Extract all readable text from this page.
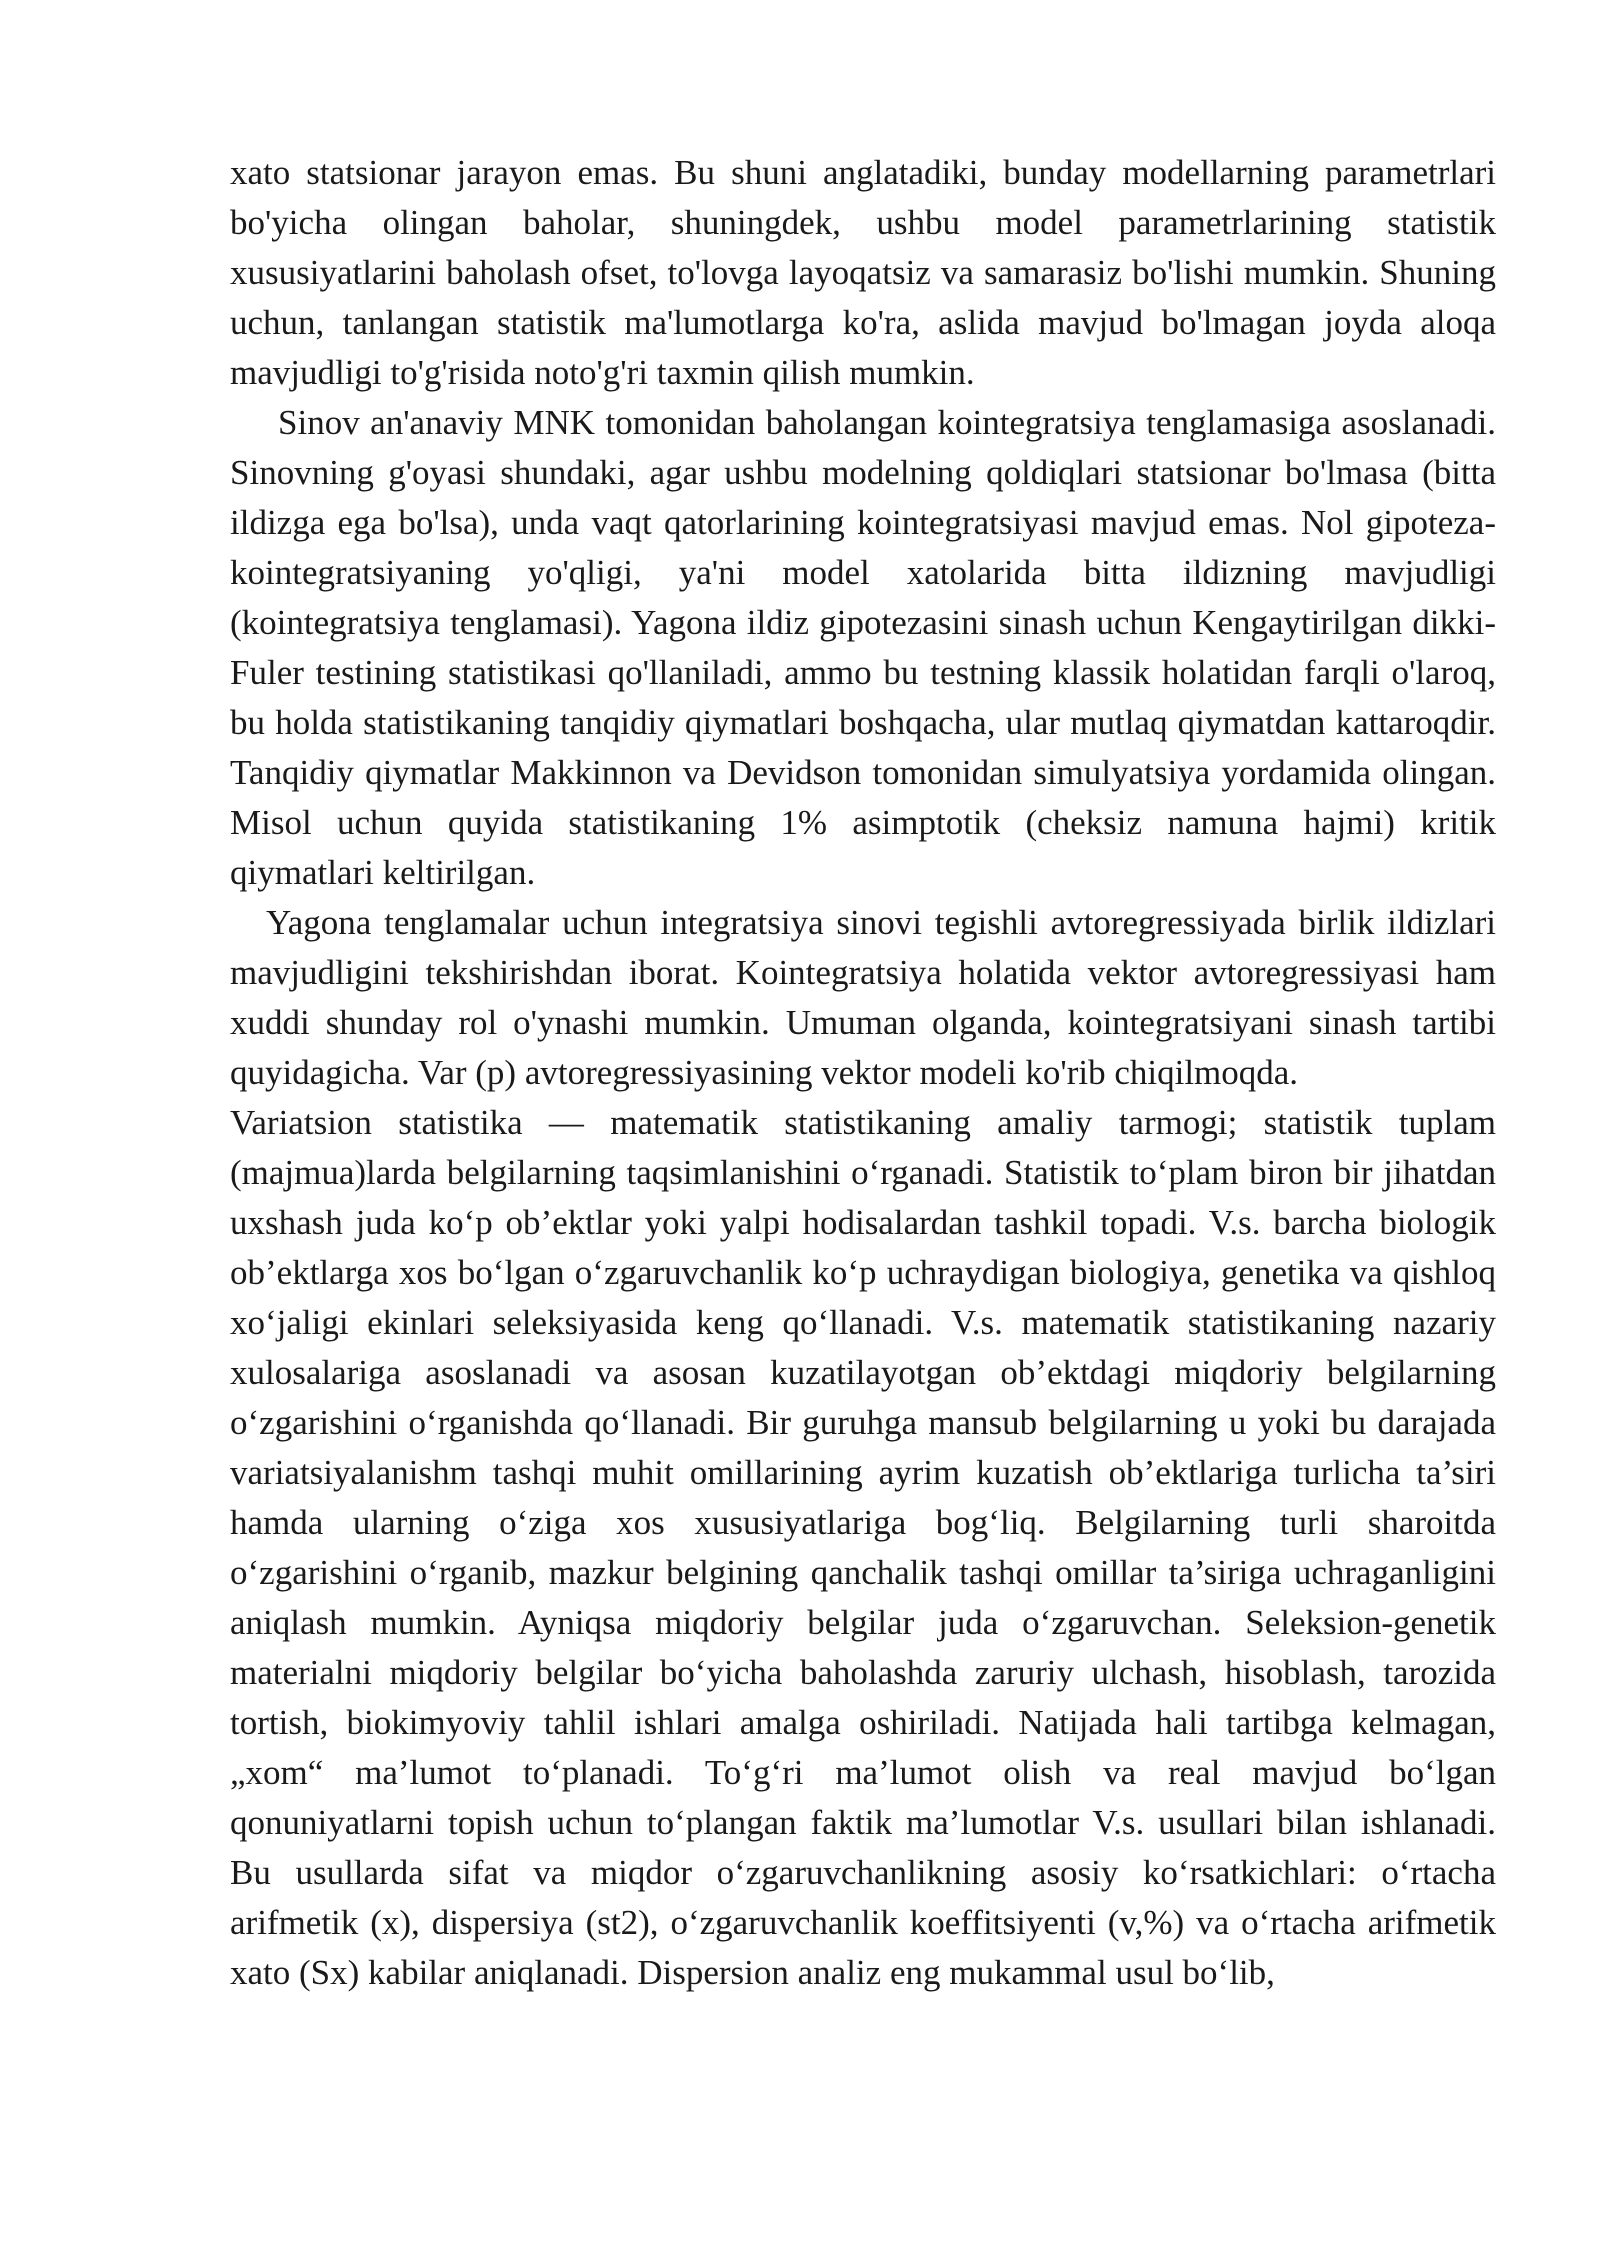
xato statsionar jarayon emas. Bu shuni anglatadiki, bunday modellarning parametrlari bo'yicha olingan baholar, shuningdek, ushbu model parametrlarining statistik xususiyatlarini baholash ofset, to'lovga layoqatsiz va samarasiz bo'lishi mumkin. Shuning uchun, tanlangan statistik ma'lumotlarga ko'ra, aslida mavjud bo'lmagan joyda aloqa mavjudligi to'g'risida noto'g'ri taxmin qilish mumkin.

Sinov an'anaviy MNK tomonidan baholangan kointegratsiya tenglamasiga asoslanadi. Sinovning g'oyasi shundaki, agar ushbu modelning qoldiqlari statsionar bo'lmasa (bitta ildizga ega bo'lsa), unda vaqt qatorlarining kointegratsiyasi mavjud emas. Nol gipoteza-kointegratsiyaning yo'qligi, ya'ni model xatolarida bitta ildizning mavjudligi (kointegratsiya tenglamasi). Yagona ildiz gipotezasini sinash uchun Kengaytirilgan dikki-Fuler testining statistikasi qo'llaniladi, ammo bu testning klassik holatidan farqli o'laroq, bu holda statistikaning tanqidiy qiymatlari boshqacha, ular mutlaq qiymatdan kattaroqdir. Tanqidiy qiymatlar Makkinnon va Devidson tomonidan simulyatsiya yordamida olingan. Misol uchun quyida statistikaning 1% asimptotik (cheksiz namuna hajmi) kritik qiymatlari keltirilgan.

Yagona tenglamalar uchun integratsiya sinovi tegishli avtoregressiyada birlik ildizlari mavjudligini tekshirishdan iborat. Kointegratsiya holatida vektor avtoregressiyasi ham xuddi shunday rol o'ynashi mumkin. Umuman olganda, kointegratsiyani sinash tartibi quyidagicha. Var (p) avtoregressiyasining vektor modeli ko'rib chiqilmoqda.

Variatsion statistika — matematik statistikaning amaliy tarmogi; statistik tuplam (majmua)larda belgilarning taqsimlanishini o‘rganadi. Statistik to‘plam biron bir jihatdan uxshash juda ko‘p ob’ektlar yoki yalpi hodisalardan tashkil topadi. V.s. barcha biologik ob’ektlarga xos bo‘lgan o‘zgaruvchanlik ko‘p uchraydigan biologiya, genetika va qishloq xo‘jaligi ekinlari seleksiyasida keng qo‘llanadi. V.s. matematik statistikaning nazariy xulosalariga asoslanadi va asosan kuzatilayotgan ob’ektdagi miqdoriy belgilarning o‘zgarishini o‘rganishda qo‘llanadi. Bir guruhga mansub belgilarning u yoki bu darajada variatsiyalanishm tashqi muhit omillarining ayrim kuzatish ob’ektlariga turlicha ta’siri hamda ularning o‘ziga xos xususiyatlariga bog‘liq. Belgilarning turli sharoitda o‘zgarishini o‘rganib, mazkur belgining qanchalik tashqi omillar ta’siriga uchraganligini aniqlash mumkin. Ayniqsa miqdoriy belgilar juda o‘zgaruvchan. Seleksion-genetik materialni miqdoriy belgilar bo‘yicha baholashda zaruriy ulchash, hisoblash, tarozida tortish, biokimyoviy tahlil ishlari amalga oshiriladi. Natijada hali tartibga kelmagan, „xom“ ma’lumot to‘planadi. To‘g‘ri ma’lumot olish va real mavjud bo‘lgan qonuniyatlarni topish uchun to‘plangan faktik ma’lumotlar V.s. usullari bilan ishlanadi. Bu usullarda sifat va miqdor o‘zgaruvchanlikning asosiy ko‘rsatkichlari: o‘rtacha arifmetik (x), dispersiya (st2), o‘zgaruvchanlik koeffitsiyenti (v,%) va o‘rtacha arifmetik xato (Sx) kabilar aniqlanadi. Dispersion analiz eng mukammal usul bo‘lib,
